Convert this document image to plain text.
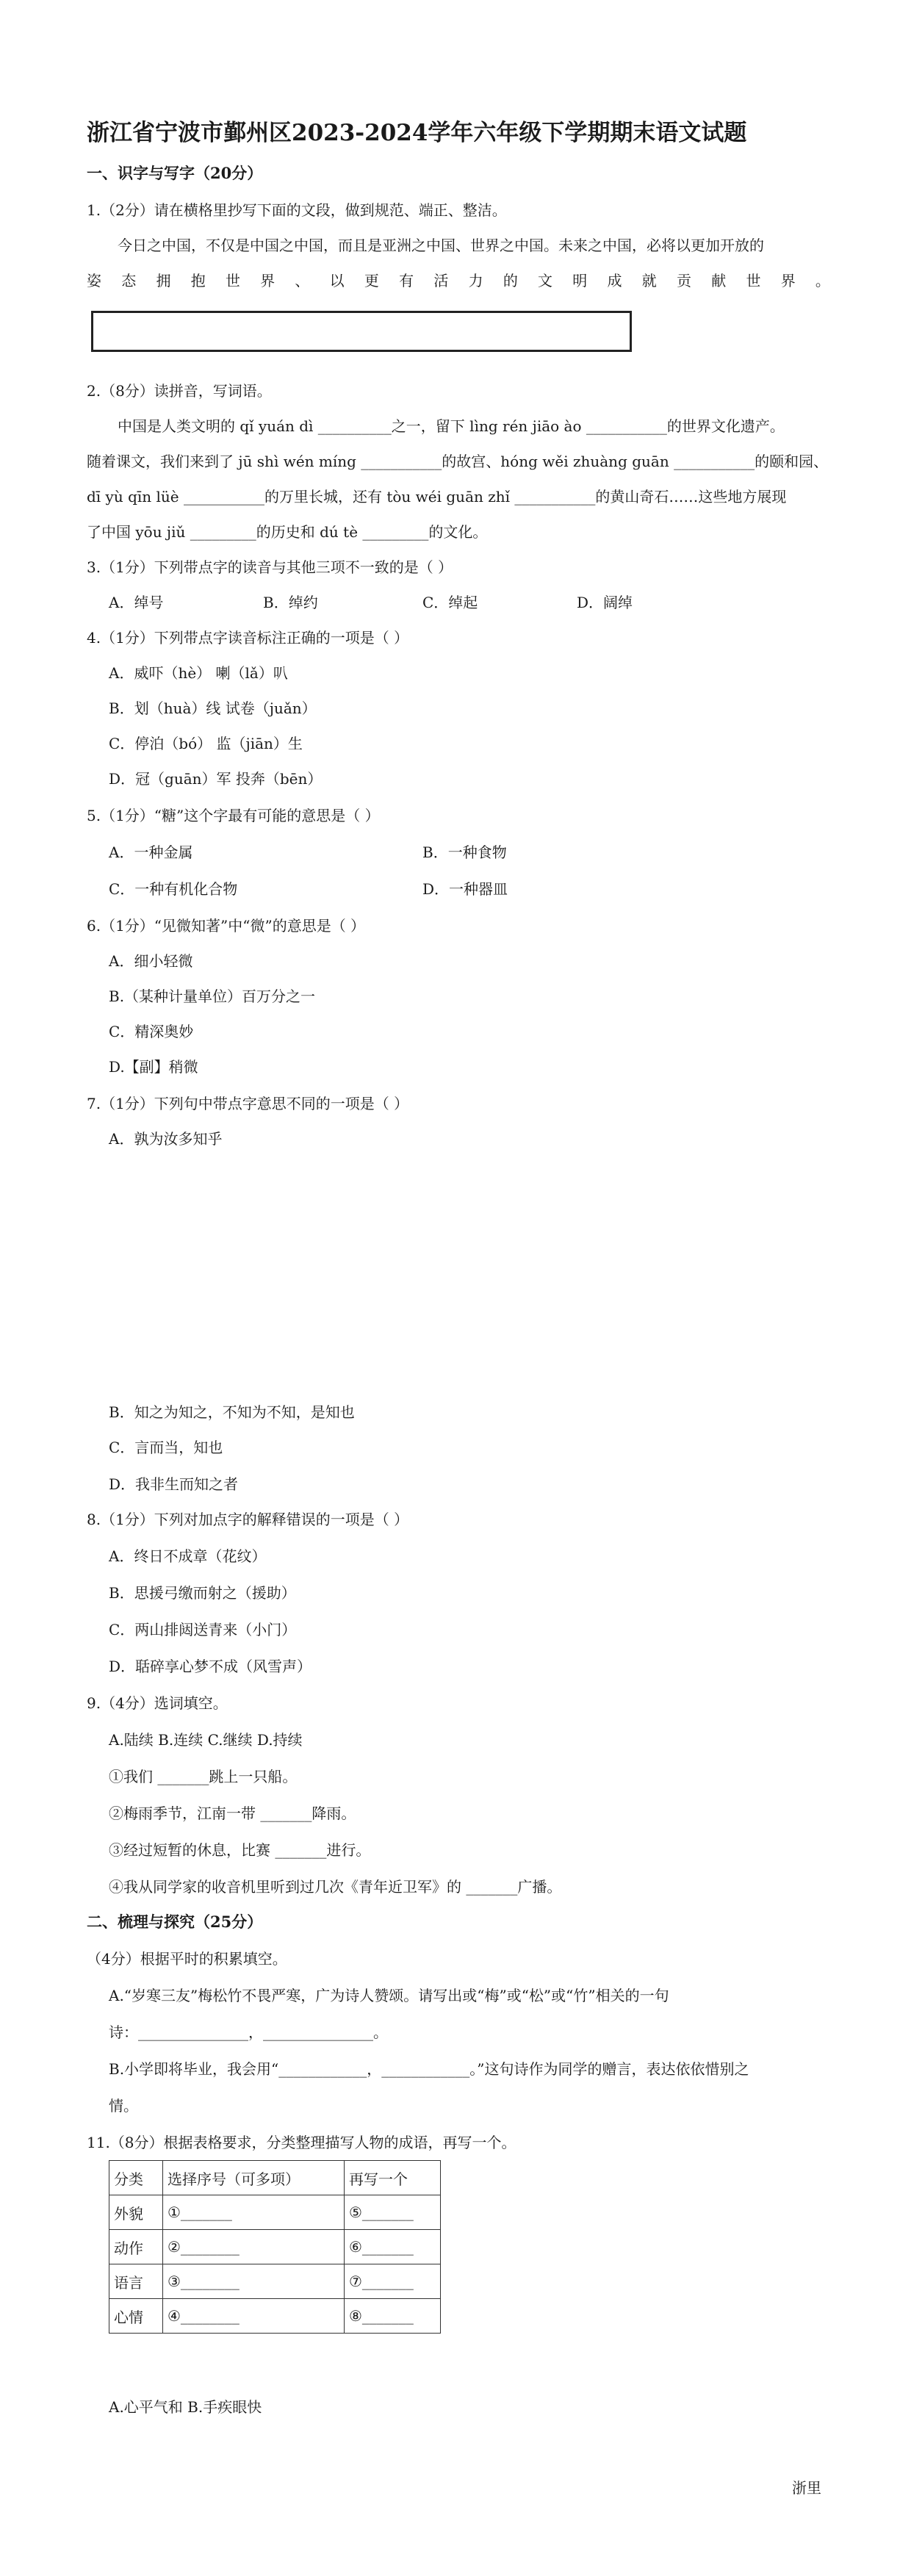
浙江省宁波市鄞州区2023-2024学年六年级下学期期末语文试题
一、识字与写字（20分）
1.（2分）请在横格里抄写下面的文段，做到规范、端正、整洁。
今日之中国，不仅是中国之中国，而且是亚洲之中国、世界之中国。未来之中国，必将以更加开放的
姿 态 拥 抱 世 界 、 以 更 有 活 力 的 文 明 成 就 贡 献 世 界 。
2.（8分）读拼音，写词语。
中国是人类文明的 qǐ yuán dì __________之一，留下 lìng rén jiāo ào ___________的世界文化遗产。
随着课文，我们来到了 jū shì wén míng ___________的故宫、hóng wěi zhuàng guān ___________的颐和园、
dī yù qīn lüè ___________的万里长城，还有 tòu wéi guān zhǐ ___________的黄山奇石……这些地方展现
了中国 yōu jiǔ _________的历史和 dú tè _________的文化。
3.（1分）下列带点字的读音与其他三项不一致的是（ ）
A．绰号	B．绰约	C．绰起	D．阔绰
4.（1分）下列带点字读音标注正确的一项是（ ）
A．威吓（hè） 喇（lǎ）叭
B．划（huà）线 试卷（juǎn）
C．停泊（bó） 监（jiān）生
D．冠（guān）军 投奔（bēn）
5.（1分）“糖”这个字最有可能的意思是（ ）
A．一种金属	B．一种食物
C．一种有机化合物	D．一种器皿
6.（1分）“见微知著”中“微”的意思是（ ）
A．细小轻微
B.（某种计量单位）百万分之一
C．精深奥妙
D.【副】稍微
7.（1分）下列句中带点字意思不同的一项是（ ）
A．孰为汝多知乎
B．知之为知之，不知为不知，是知也
C．言而当，知也
D．我非生而知之者
8.（1分）下列对加点字的解释错误的一项是（ ）
A．终日不成章（花纹）
B．思援弓缴而射之（援助）
C．两山排闼送青来（小门）
D．聒碎享心梦不成（风雪声）
9.（4分）选词填空。
A.陆续 B.连续 C.继续 D.持续
①我们 _______跳上一只船。
②梅雨季节，江南一带 _______降雨。
③经过短暂的休息，比赛 _______进行。
④我从同学家的收音机里听到过几次《青年近卫军》的 _______广播。
二、梳理与探究（25分）
（4分）根据平时的积累填空。
A.“岁寒三友”梅松竹不畏严寒，广为诗人赞颂。请写出或“梅”或“松”或“竹”相关的一句
诗：_______________，_______________。
B.小学即将毕业，我会用“____________，____________。”这句诗作为同学的赠言，表达依依惜别之
情。
11.（8分）根据表格要求，分类整理描写人物的成语，再写一个。
分类	选择序号（可多项）	再写一个
外貌	①_______	⑤_______
动作	②________	⑥_______
语言	③________	⑦_______
心情	④________	⑧_______
A.心平气和 B.手疾眼快
浙里
